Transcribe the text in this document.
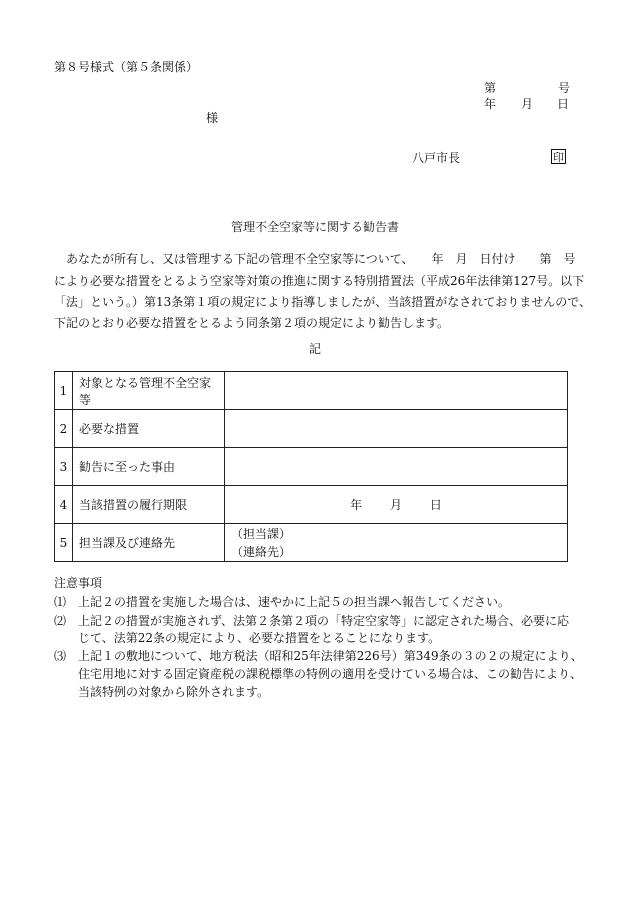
第８号様式（第５条関係）
第	号
年 月 日
様
八戸市長	印
管理不全空家等に関する勧告書
あなたが所有し、又は管理する下記の管理不全空家等について、　　年　月　日付け　　第　号
により必要な措置をとるよう空家等対策の推進に関する特別措置法（平成26年法律第127号。以下
「法」という。）第13条第１項の規定により指導しましたが、当該措置がなされておりませんので、
下記のとおり必要な措置をとるよう同条第２項の規定により勧告します。
記
1	対象となる管理不全空家等	
2	必要な措置	
3	勧告に至った事由	
4	当該措置の履行期限	年 月 日
5	担当課及び連絡先	（担当課）
（連絡先）
注意事項
⑴ 上記２の措置を実施した場合は、速やかに上記５の担当課へ報告してください。
⑵ 上記２の措置が実施されず、法第２条第２項の「特定空家等」に認定された場合、必要に応
じて、法第22条の規定により、必要な措置をとることになります。
⑶ 上記１の敷地について、地方税法（昭和25年法律第226号）第349条の３の２の規定により、
住宅用地に対する固定資産税の課税標準の特例の適用を受けている場合は、この勧告により、
当該特例の対象から除外されます。
